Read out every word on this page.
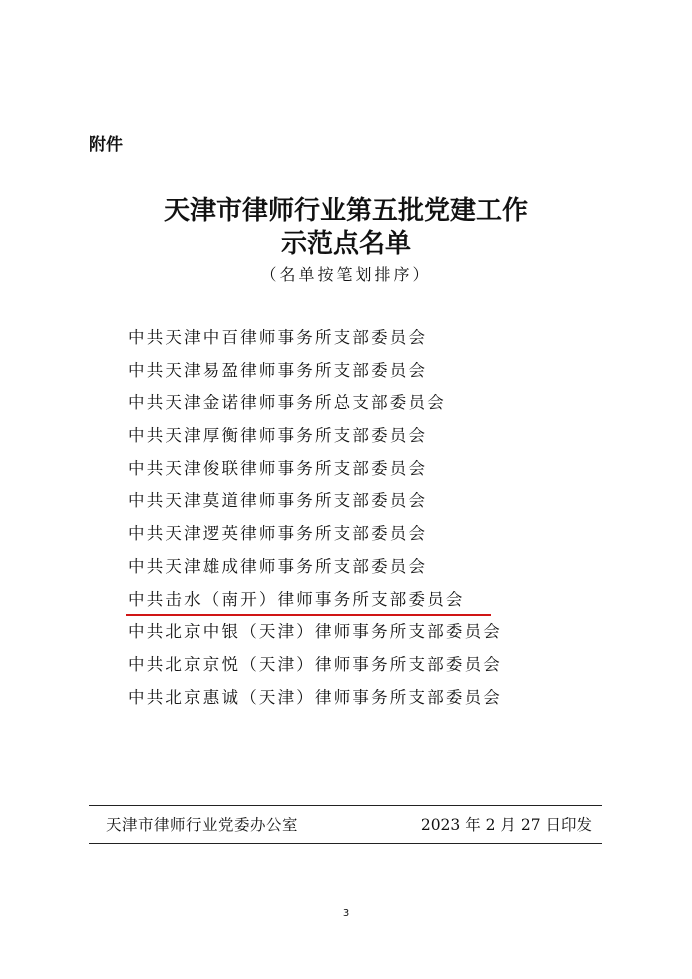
附件
天津市律师行业第五批党建工作
示范点名单
（名单按笔划排序）
中共天津中百律师事务所支部委员会
中共天津易盈律师事务所支部委员会
中共天津金诺律师事务所总支部委员会
中共天津厚衡律师事务所支部委员会
中共天津俊联律师事务所支部委员会
中共天津莫道律师事务所支部委员会
中共天津逻英律师事务所支部委员会
中共天津雄成律师事务所支部委员会
中共击水（南开）律师事务所支部委员会
中共北京中银（天津）律师事务所支部委员会
中共北京京悦（天津）律师事务所支部委员会
中共北京惠诚（天津）律师事务所支部委员会
天津市律师行业党委办公室	2023 年 2 月 27 日印发
3
